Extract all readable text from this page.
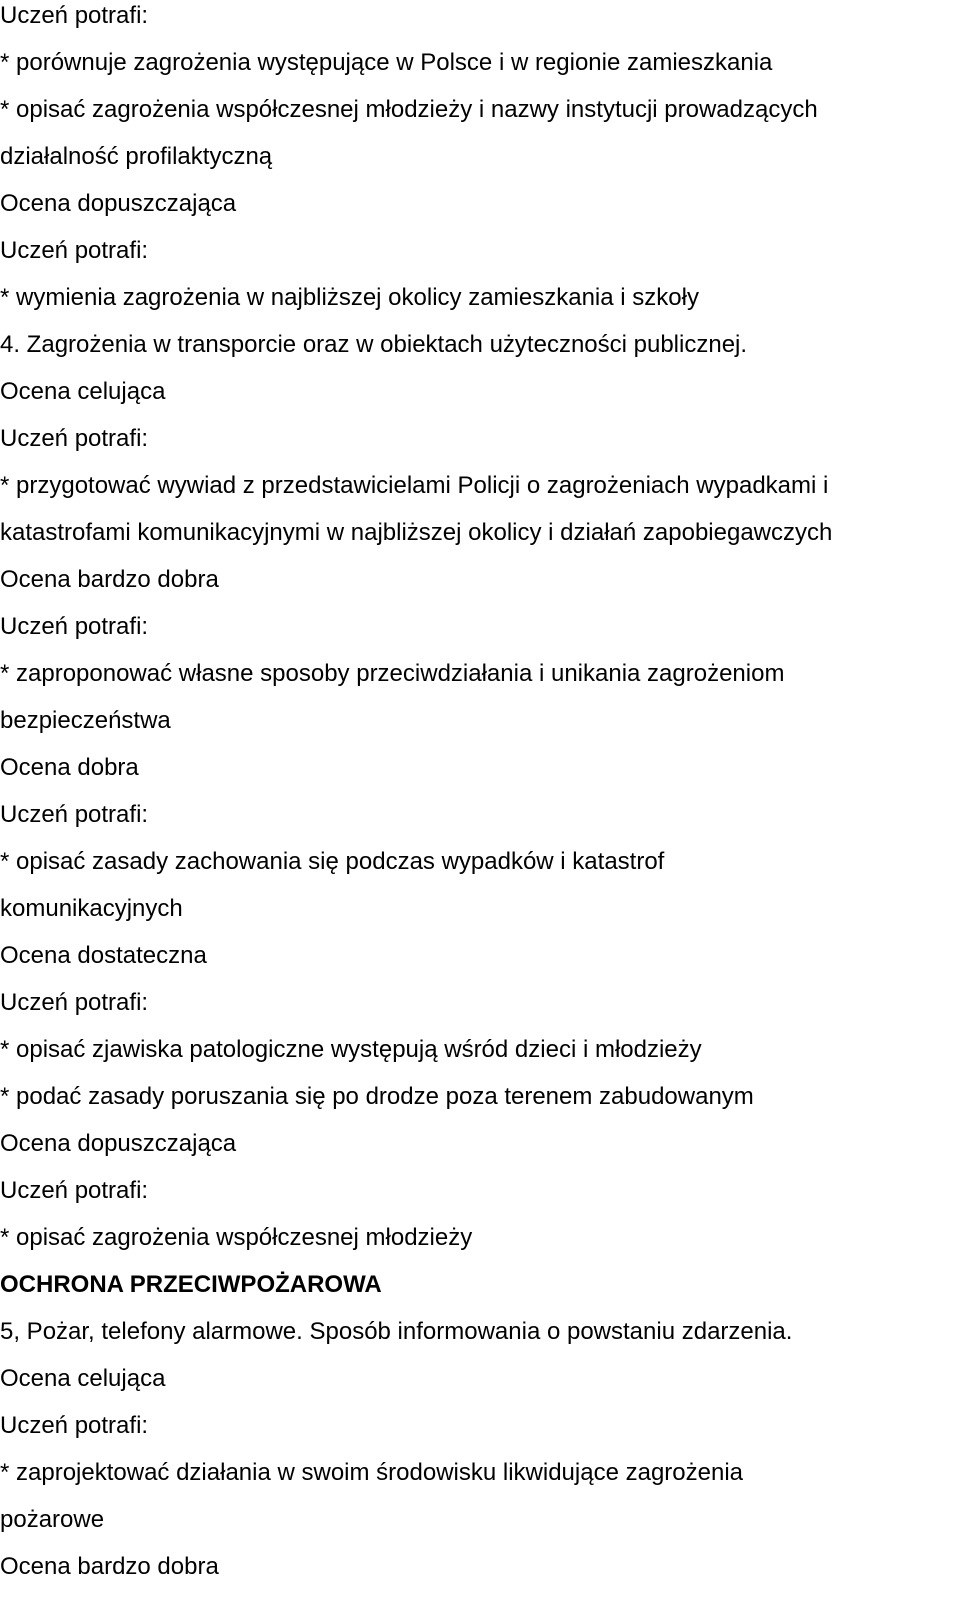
Uczeń potrafi:
* porównuje zagrożenia występujące w Polsce i w regionie zamieszkania
* opisać zagrożenia współczesnej młodzieży i nazwy instytucji prowadzących
działalność profilaktyczną
Ocena dopuszczająca
Uczeń potrafi:
* wymienia zagrożenia w najbliższej okolicy zamieszkania i szkoły
4. Zagrożenia w transporcie oraz w obiektach użyteczności publicznej.
Ocena celująca
Uczeń potrafi:
* przygotować wywiad z przedstawicielami Policji o zagrożeniach wypadkami i
katastrofami komunikacyjnymi w najbliższej okolicy i działań zapobiegawczych
Ocena bardzo dobra
Uczeń potrafi:
* zaproponować własne sposoby przeciwdziałania i unikania zagrożeniom
bezpieczeństwa
Ocena dobra
Uczeń potrafi:
* opisać zasady zachowania się podczas wypadków i katastrof
komunikacyjnych
Ocena dostateczna
Uczeń potrafi:
* opisać zjawiska patologiczne występują wśród dzieci i młodzieży
* podać zasady poruszania się po drodze poza terenem zabudowanym
Ocena dopuszczająca
Uczeń potrafi:
* opisać zagrożenia współczesnej młodzieży
OCHRONA PRZECIWPOŻAROWA
5, Pożar, telefony alarmowe. Sposób informowania o powstaniu zdarzenia.
Ocena celująca
Uczeń potrafi:
* zaprojektować działania w swoim środowisku likwidujące zagrożenia
pożarowe
Ocena bardzo dobra
